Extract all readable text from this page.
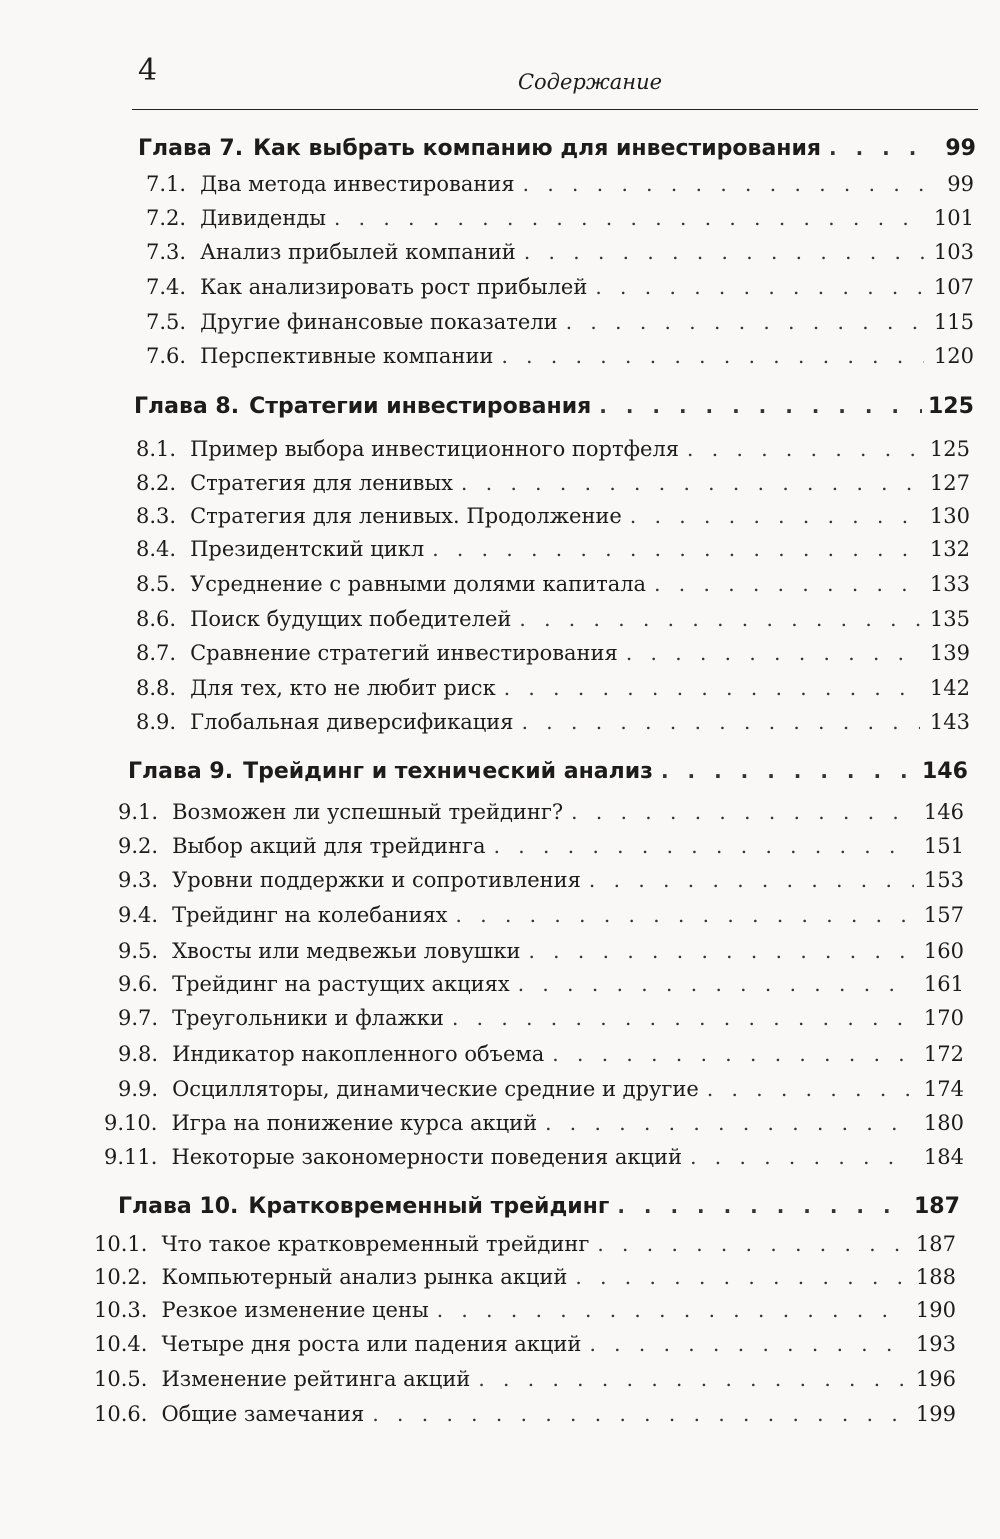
4	Содержание
Глава 7. Как выбрать компанию для инвестирования . . .	99
7.1. Два метода инвестирования . . .	99
7.2. Дивиденды . . .	101
7.3. Анализ прибылей компаний . . .	103
7.4. Как анализировать рост прибылей . . .	107
7.5. Другие финансовые показатели . . .	115
7.6. Перспективные компании . . .	120
Глава 8. Стратегии инвестирования . . .	125
8.1. Пример выбора инвестиционного портфеля . . .	125
8.2. Стратегия для ленивых . . .	127
8.3. Стратегия для ленивых. Продолжение . . .	130
8.4. Президентский цикл . . .	132
8.5. Усреднение с равными долями капитала . . .	133
8.6. Поиск будущих победителей . . .	135
8.7. Сравнение стратегий инвестирования . . .	139
8.8. Для тех, кто не любит риск . . .	142
8.9. Глобальная диверсификация . . .	143
Глава 9. Трейдинг и технический анализ . . .	146
9.1. Возможен ли успешный трейдинг? . . .	146
9.2. Выбор акций для трейдинга . . .	151
9.3. Уровни поддержки и сопротивления . . .	153
9.4. Трейдинг на колебаниях . . .	157
9.5. Хвосты или медвежьи ловушки . . .	160
9.6. Трейдинг на растущих акциях . . .	161
9.7. Треугольники и флажки . . .	170
9.8. Индикатор накопленного объема . . .	172
9.9. Осцилляторы, динамические средние и другие . . .	174
9.10. Игра на понижение курса акций . . .	180
9.11. Некоторые закономерности поведения акций . . .	184
Глава 10. Кратковременный трейдинг . . .	187
10.1. Что такое кратковременный трейдинг . . .	187
10.2. Компьютерный анализ рынка акций . . .	188
10.3. Резкое изменение цены . . .	190
10.4. Четыре дня роста или падения акций . . .	193
10.5. Изменение рейтинга акций . . .	196
10.6. Общие замечания . . .	199
